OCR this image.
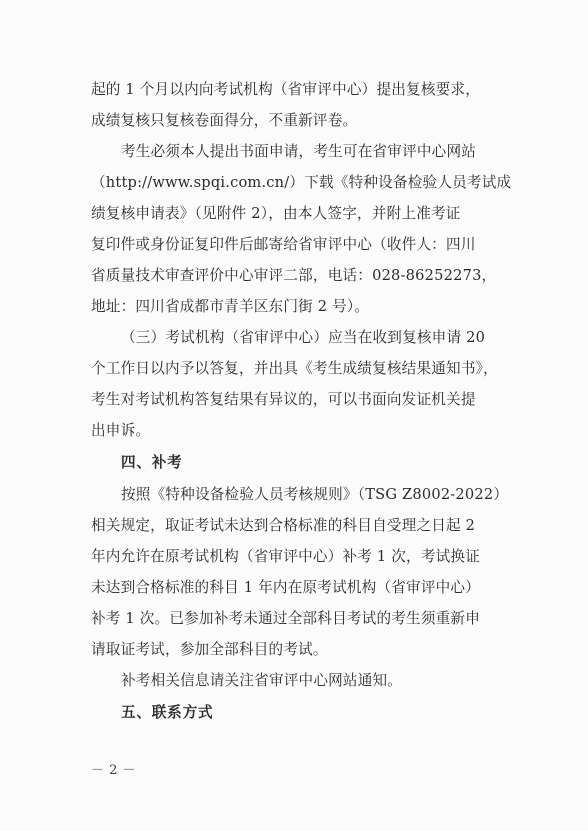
起的 1 个月以内向考试机构（省审评中心）提出复核要求，
成绩复核只复核卷面得分，不重新评卷。
考生必须本人提出书面申请，考生可在省审评中心网站
（http://www.spqi.com.cn/）下载《特种设备检验人员考试成
绩复核申请表》（见附件 2），由本人签字，并附上准考证
复印件或身份证复印件后邮寄给省审评中心（收件人：四川
省质量技术审查评价中心审评二部，电话：028-86252273，
地址：四川省成都市青羊区东门街 2 号）。
（三）考试机构（省审评中心）应当在收到复核申请 20
个工作日以内予以答复，并出具《考生成绩复核结果通知书》，
考生对考试机构答复结果有异议的，可以书面向发证机关提
出申诉。
四、补考
按照《特种设备检验人员考核规则》（TSG Z8002-2022）
相关规定，取证考试未达到合格标准的科目自受理之日起 2
年内允许在原考试机构（省审评中心）补考 1 次，考试换证
未达到合格标准的科目 1 年内在原考试机构（省审评中心）
补考 1 次。已参加补考未通过全部科目考试的考生须重新申
请取证考试，参加全部科目的考试。
补考相关信息请关注省审评中心网站通知。
五、联系方式
－ 2 －
